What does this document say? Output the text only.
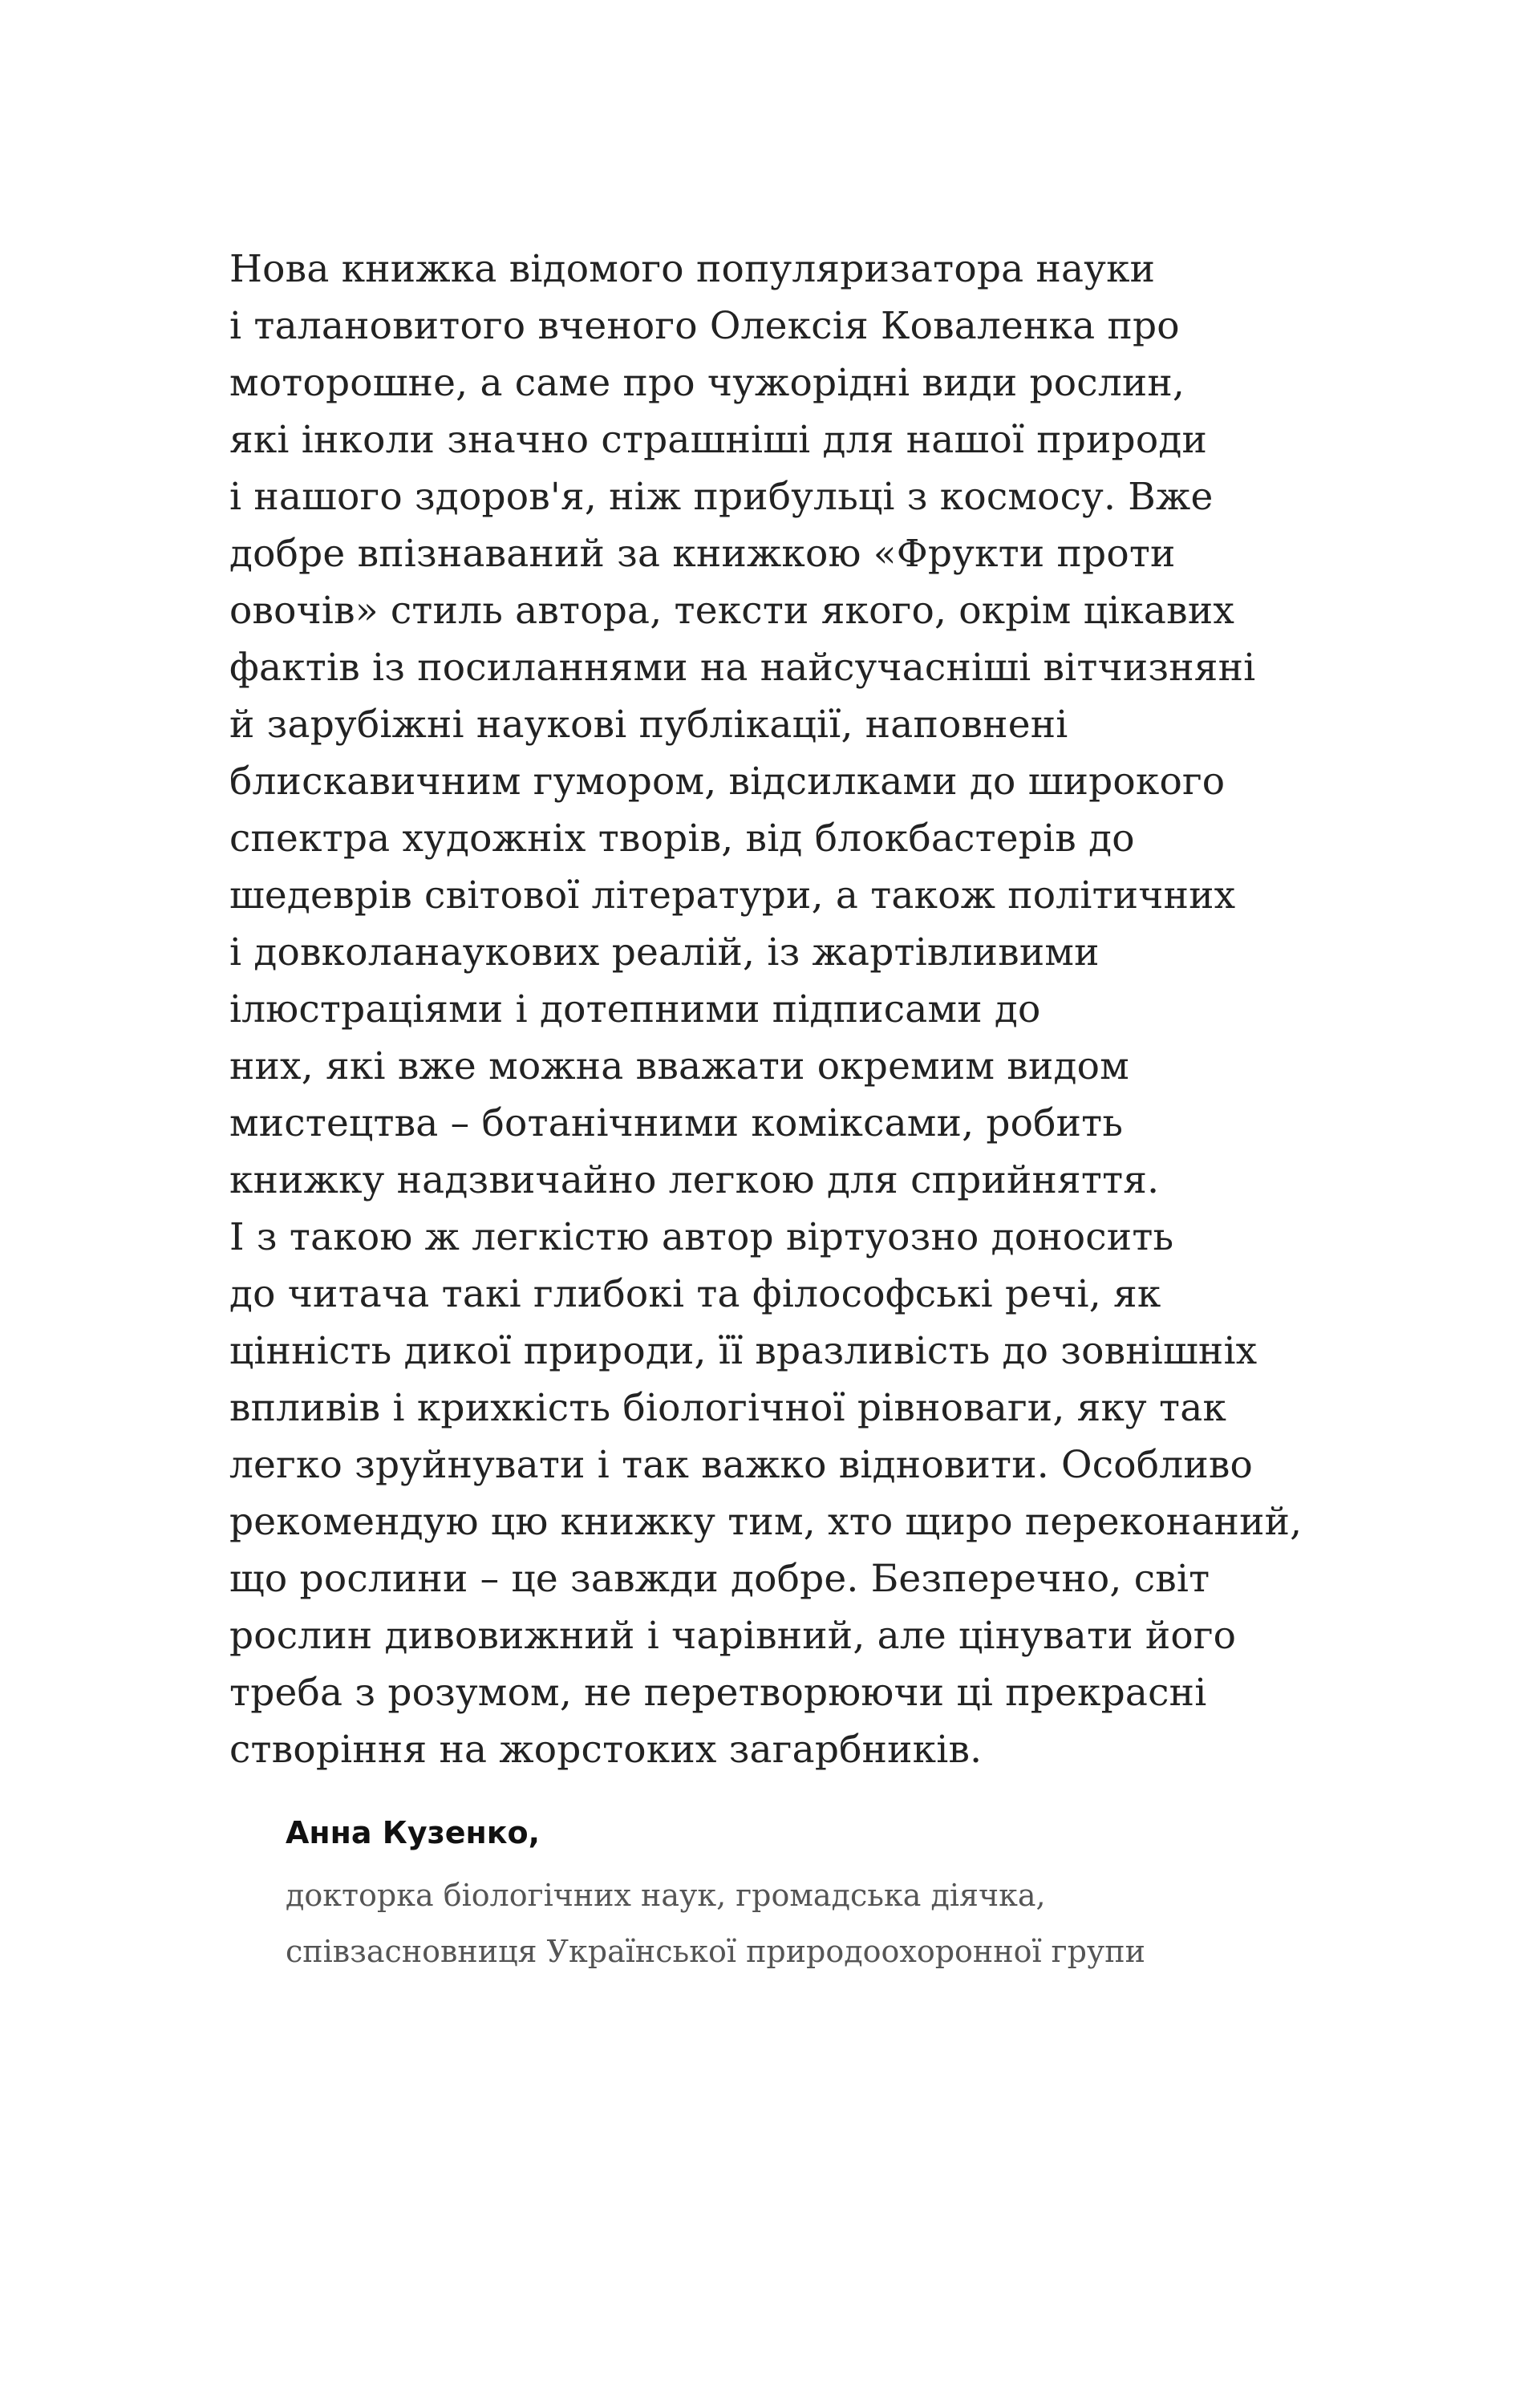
Нова книжка відомого популяризатора науки
і талановитого вченого Олексія Коваленка про
моторошне, а саме про чужорідні види рослин,
які інколи значно страшніші для нашої природи
і нашого здоров'я, ніж прибульці з космосу. Вже
добре впізнаваний за книжкою «Фрукти проти
овочів» стиль автора, тексти якого, окрім цікавих
фактів із посиланнями на найсучасніші вітчизняні
й зарубіжні наукові публікації, наповнені
блискавичним гумором, відсилками до широкого
спектра художніх творів, від блокбастерів до
шедеврів світової літератури, а також політичних
і довколанаукових реалій, із жартівливими
ілюстраціями і дотепними підписами до
них, які вже можна вважати окремим видом
мистецтва – ботанічними коміксами, робить
книжку надзвичайно легкою для сприйняття.
І з такою ж легкістю автор віртуозно доносить
до читача такі глибокі та філософські речі, як
цінність дикої природи, її вразливість до зовнішніх
впливів і крихкість біологічної рівноваги, яку так
легко зруйнувати і так важко відновити. Особливо
рекомендую цю книжку тим, хто щиро переконаний,
що рослини – це завжди добре. Безперечно, світ
рослин дивовижний і чарівний, але цінувати його
треба з розумом, не перетворюючи ці прекрасні
створіння на жорстоких загарбників.
Анна Кузенко,
докторка біологічних наук, громадська діячка,
співзасновниця Української природоохоронної групи
